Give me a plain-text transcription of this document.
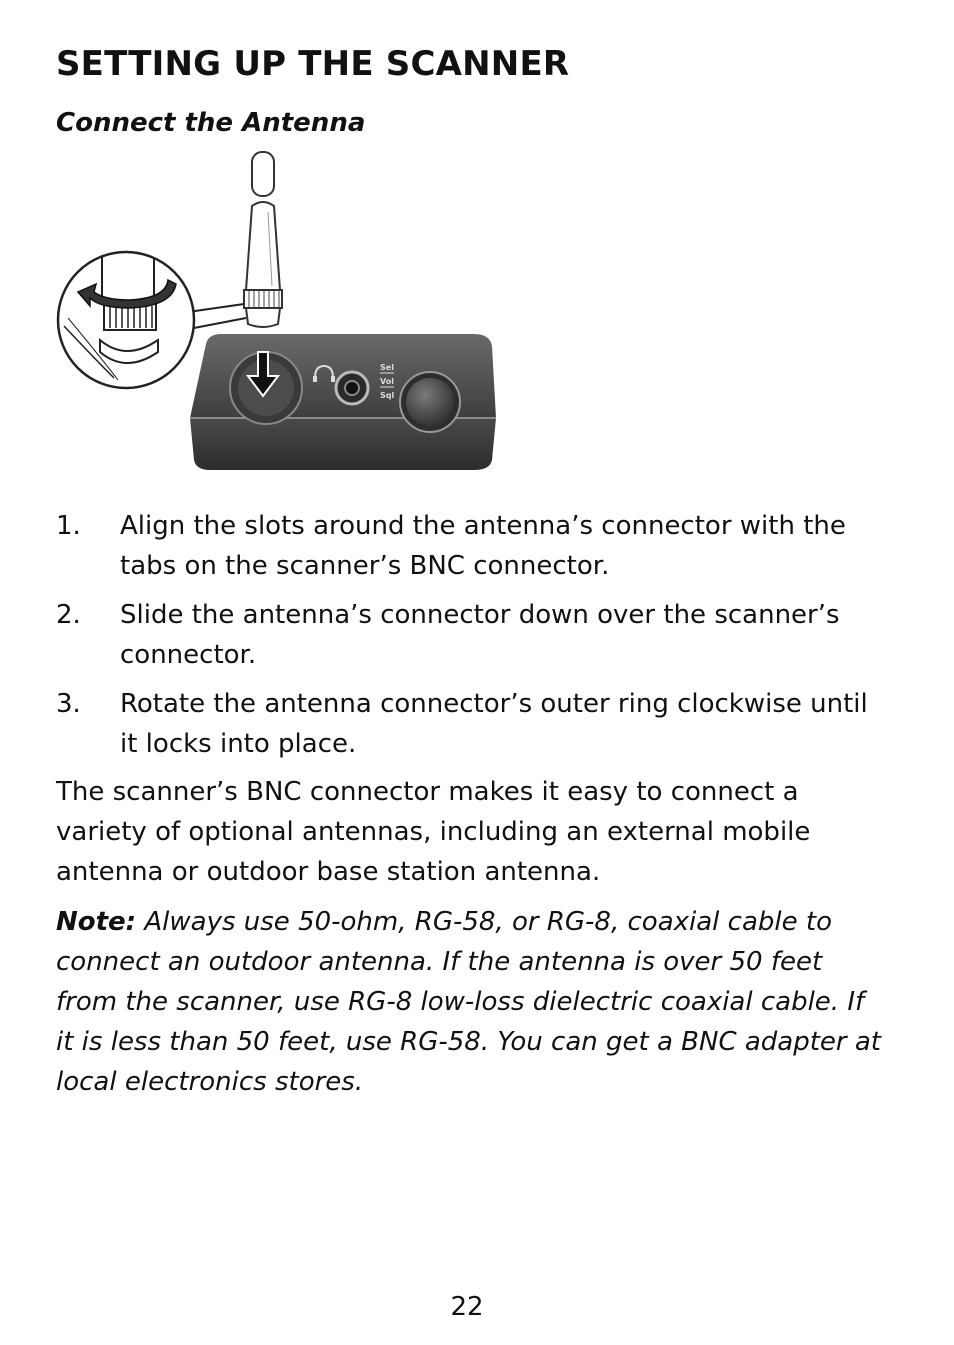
SETTING UP THE SCANNER
Connect the Antenna
Sel
Vol
Sql
1. Align the slots around the antenna’s connector with the tabs on the scanner’s BNC connector.
2. Slide the antenna’s connector down over the scanner’s connector.
3. Rotate the antenna connector’s outer ring clockwise until it locks into place.

The scanner’s BNC connector makes it easy to connect a variety of optional antennas, including an external mobile antenna or outdoor base station antenna.

Note: Always use 50-ohm, RG-58, or RG-8, coaxial cable to connect an outdoor antenna. If the antenna is over 50 feet from the scanner, use RG-8 low-loss dielectric coaxial cable. If it is less than 50 feet, use RG-58. You can get a BNC adapter at local electronics stores.

22
